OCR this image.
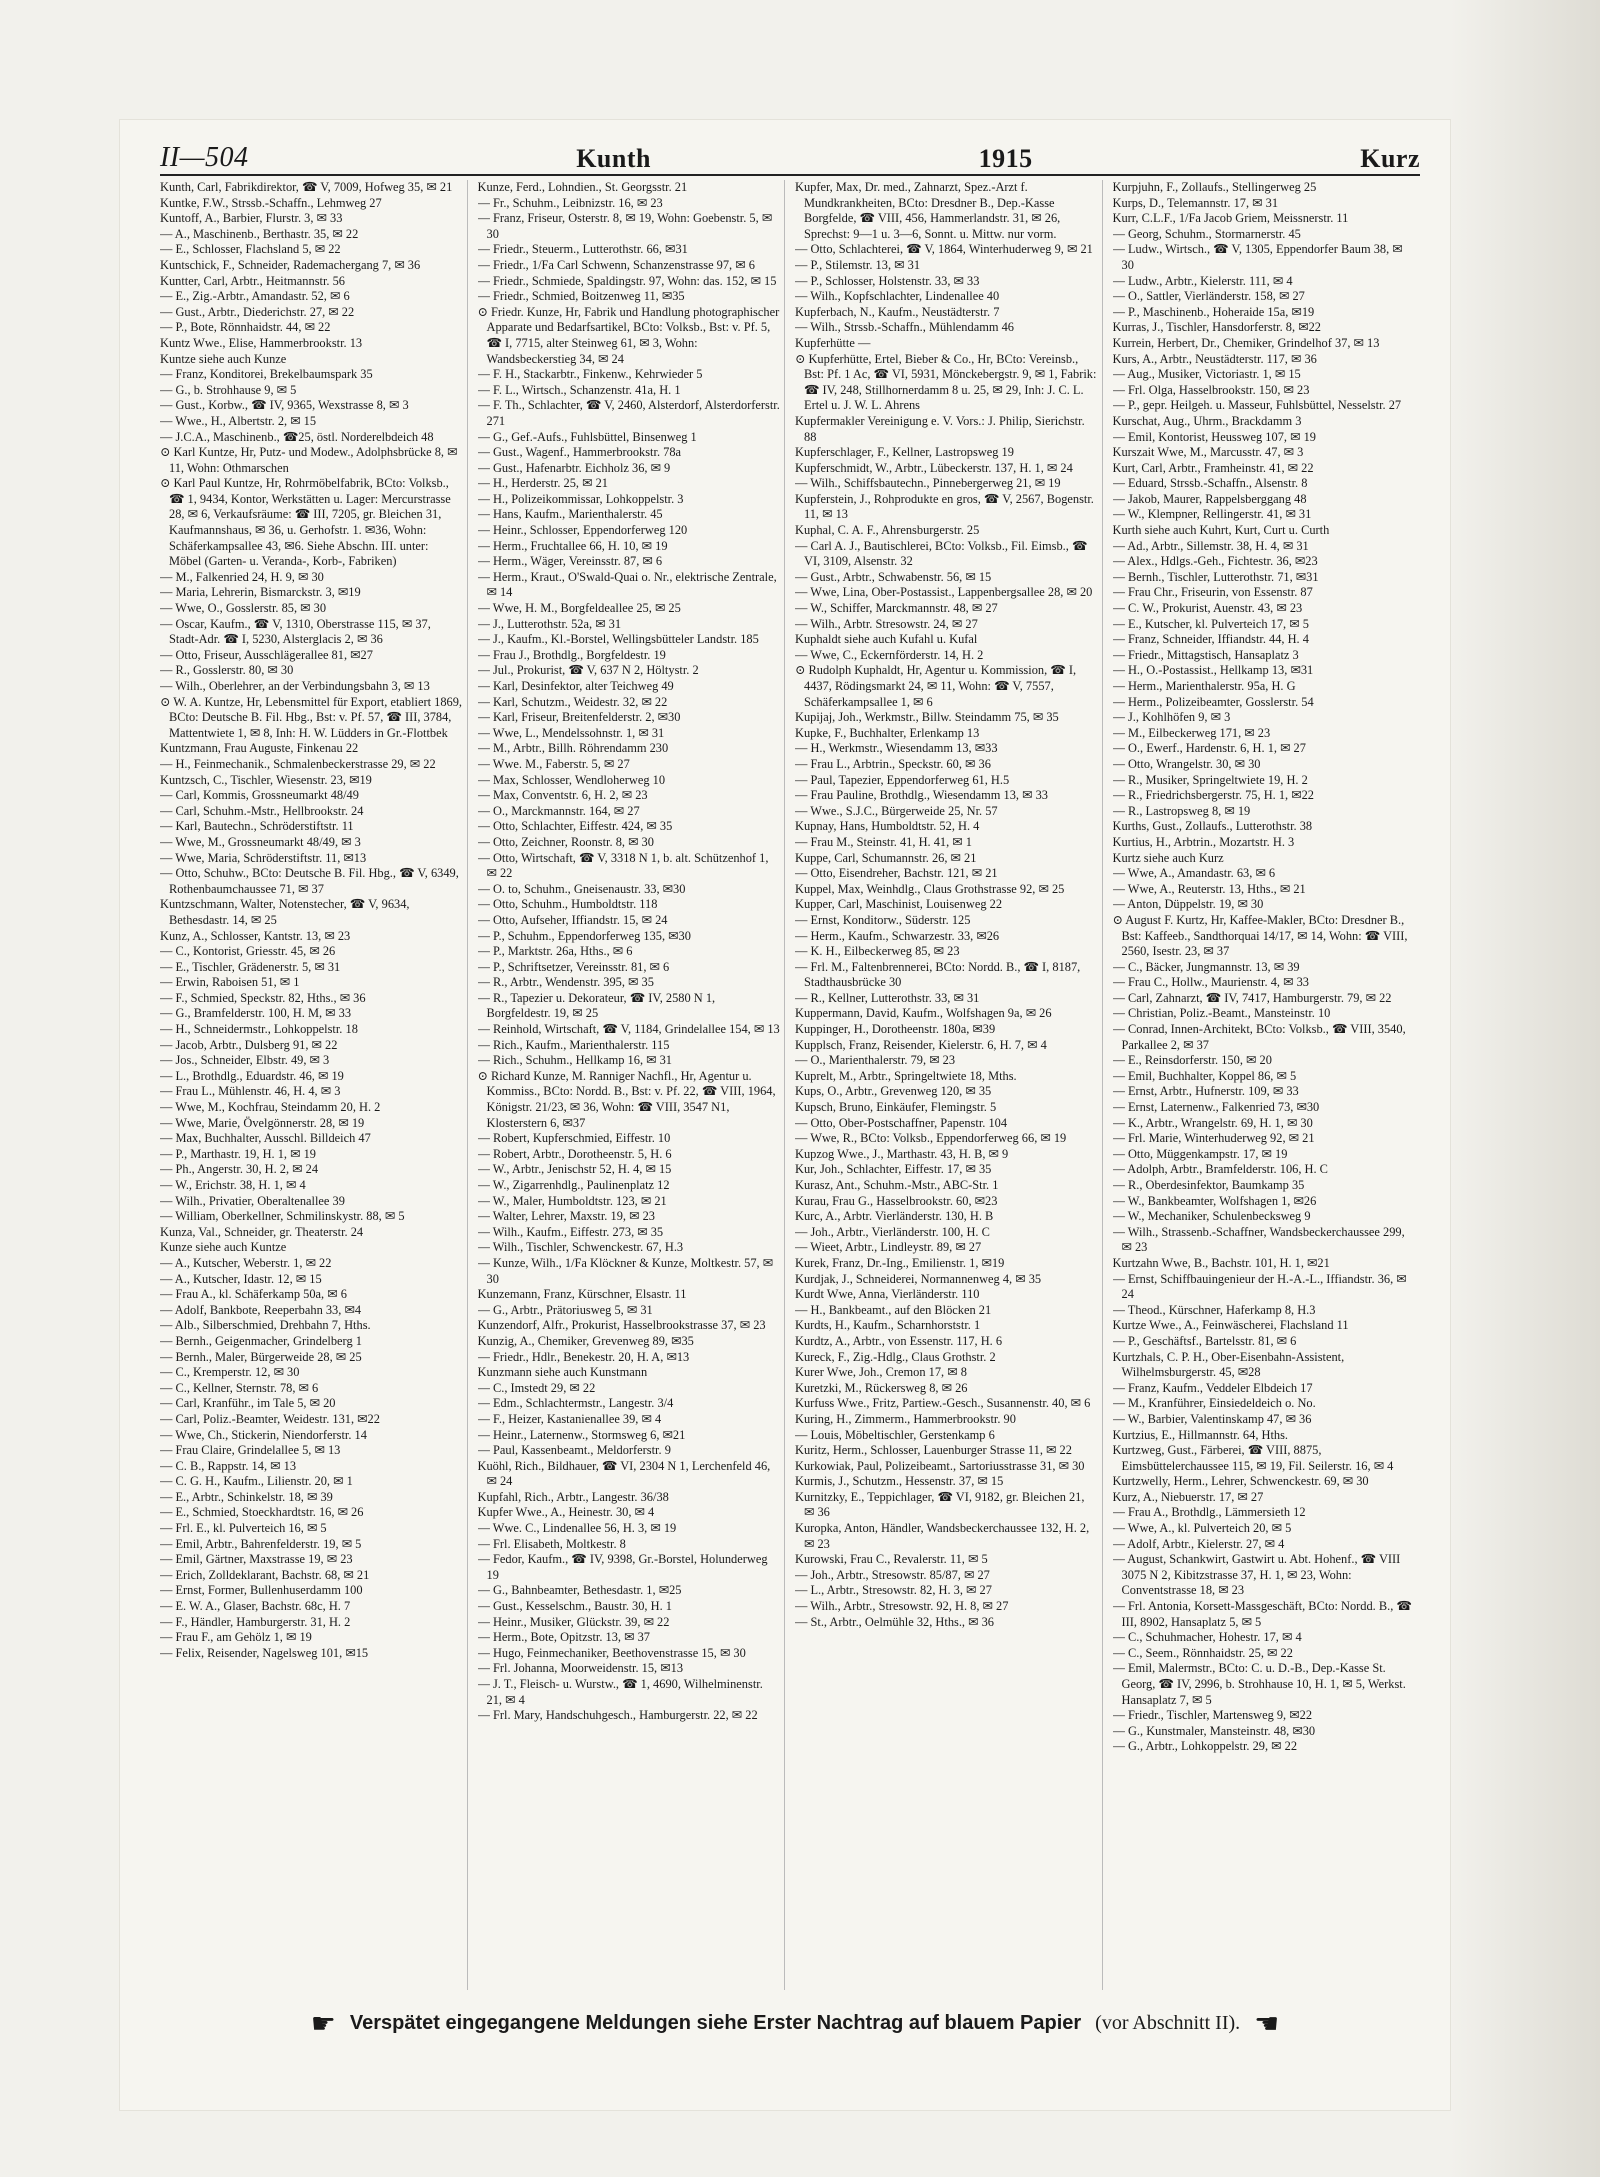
II—504	Kunth	1915	Kurz

Kunth, Carl, Fabrikdirektor, ☎ V, 7009, Hofweg 35, ✉ 21

Kuntke, F.W., Strssb.-Schaffn., Lehmweg 27

Kuntoff, A., Barbier, Flurstr. 3, ✉ 33

— A., Maschinenb., Berthastr. 35, ✉ 22

— E., Schlosser, Flachsland 5, ✉ 22

Kuntschick, F., Schneider, Rademachergang 7, ✉ 36

Kuntter, Carl, Arbtr., Heitmannstr. 56

— E., Zig.-Arbtr., Amandastr. 52, ✉ 6

— Gust., Arbtr., Diederichstr. 27, ✉ 22

— P., Bote, Rönnhaidstr. 44, ✉ 22

Kuntz Wwe., Elise, Hammerbrookstr. 13

Kuntze siehe auch Kunze

— Franz, Konditorei, Brekelbaumspark 35

— G., b. Strohhause 9, ✉ 5

— Gust., Korbw., ☎ IV, 9365, Wexstrasse 8, ✉ 3

— Wwe., H., Albertstr. 2, ✉ 15

— J.C.A., Maschinenb., ☎25, östl. Norderelbdeich 48

⊙ Karl Kuntze, Hr, Putz- und Modew., Adolphsbrücke 8, ✉ 11, Wohn: Othmarschen

⊙ Karl Paul Kuntze, Hr, Rohrmöbelfabrik, BCto: Volksb., ☎ 1, 9434, Kontor, Werkstätten u. Lager: Mercurstrasse 28, ✉ 6, Verkaufsräume: ☎ III, 7205, gr. Bleichen 31, Kaufmannshaus, ✉ 36, u. Gerhofstr. 1. ✉36, Wohn: Schäferkampsallee 43, ✉6. Siehe Abschn. III. unter: Möbel (Garten- u. Veranda-, Korb-, Fabriken)

— M., Falkenried 24, H. 9, ✉ 30

— Maria, Lehrerin, Bismarckstr. 3, ✉19

— Wwe, O., Gosslerstr. 85, ✉ 30

— Oscar, Kaufm., ☎ V, 1310, Oberstrasse 115, ✉ 37, Stadt-Adr. ☎ I, 5230, Alsterglacis 2, ✉ 36

— Otto, Friseur, Ausschlägerallee 81, ✉27

— R., Gosslerstr. 80, ✉ 30

— Wilh., Oberlehrer, an der Verbindungsbahn 3, ✉ 13

⊙ W. A. Kuntze, Hr, Lebensmittel für Export, etabliert 1869, BCto: Deutsche B. Fil. Hbg., Bst: v. Pf. 57, ☎ III, 3784, Mattentwiete 1, ✉ 8, Inh: H. W. Lüdders in Gr.-Flottbek

Kuntzmann, Frau Auguste, Finkenau 22

— H., Feinmechanik., Schmalenbeckerstrasse 29, ✉ 22

Kuntzsch, C., Tischler, Wiesenstr. 23, ✉19

— Carl, Kommis, Grossneumarkt 48/49

— Carl, Schuhm.-Mstr., Hellbrookstr. 24

— Karl, Bautechn., Schröderstiftstr. 11

— Wwe, M., Grossneumarkt 48/49, ✉ 3

— Wwe, Maria, Schröderstiftstr. 11, ✉13

— Otto, Schuhw., BCto: Deutsche B. Fil. Hbg., ☎ V, 6349, Rothenbaumchaussee 71, ✉ 37

Kuntzschmann, Walter, Notenstecher, ☎ V, 9634, Bethesdastr. 14, ✉ 25

Kunz, A., Schlosser, Kantstr. 13, ✉ 23

— C., Kontorist, Griesstr. 45, ✉ 26

— E., Tischler, Grädenerstr. 5, ✉ 31

— Erwin, Raboisen 51, ✉ 1

— F., Schmied, Speckstr. 82, Hths., ✉ 36

— G., Bramfelderstr. 100, H. M, ✉ 33

— H., Schneidermstr., Lohkoppelstr. 18

— Jacob, Arbtr., Dulsberg 91, ✉ 22

— Jos., Schneider, Elbstr. 49, ✉ 3

— L., Brothdlg., Eduardstr. 46, ✉ 19

— Frau L., Mühlenstr. 46, H. 4, ✉ 3

— Wwe, M., Kochfrau, Steindamm 20, H. 2

— Wwe, Marie, Övelgönnerstr. 28, ✉ 19

— Max, Buchhalter, Ausschl. Billdeich 47

— P., Marthastr. 19, H. 1, ✉ 19

— Ph., Angerstr. 30, H. 2, ✉ 24

— W., Erichstr. 38, H. 1, ✉ 4

— Wilh., Privatier, Oberaltenallee 39

— William, Oberkellner, Schmilinskystr. 88, ✉ 5

Kunza, Val., Schneider, gr. Theaterstr. 24

Kunze siehe auch Kuntze

— A., Kutscher, Weberstr. 1, ✉ 22

— A., Kutscher, Idastr. 12, ✉ 15

— Frau A., kl. Schäferkamp 50a, ✉ 6

— Adolf, Bankbote, Reeperbahn 33, ✉4

— Alb., Silberschmied, Drehbahn 7, Hths.

— Bernh., Geigenmacher, Grindelberg 1

— Bernh., Maler, Bürgerweide 28, ✉ 25

— C., Kremperstr. 12, ✉ 30

— C., Kellner, Sternstr. 78, ✉ 6

— Carl, Kranführ., im Tale 5, ✉ 20

— Carl, Poliz.-Beamter, Weidestr. 131, ✉22

— Wwe, Ch., Stickerin, Niendorferstr. 14

— Frau Claire, Grindelallee 5, ✉ 13

— C. B., Rappstr. 14, ✉ 13

— C. G. H., Kaufm., Lilienstr. 20, ✉ 1

— E., Arbtr., Schinkelstr. 18, ✉ 39

— E., Schmied, Stoeckhardtstr. 16, ✉ 26

— Frl. E., kl. Pulverteich 16, ✉ 5

— Emil, Arbtr., Bahrenfelderstr. 19, ✉ 5

— Emil, Gärtner, Maxstrasse 19, ✉ 23

— Erich, Zolldeklarant, Bachstr. 68, ✉ 21

— Ernst, Former, Bullenhuserdamm 100

— E. W. A., Glaser, Bachstr. 68c, H. 7

— F., Händler, Hamburgerstr. 31, H. 2

— Frau F., am Gehölz 1, ✉ 19

— Felix, Reisender, Nagelsweg 101, ✉15

Kunze, Ferd., Lohndien., St. Georgsstr. 21

— Fr., Schuhm., Leibnizstr. 16, ✉ 23

— Franz, Friseur, Osterstr. 8, ✉ 19, Wohn: Goebenstr. 5, ✉ 30

— Friedr., Steuerm., Lutterothstr. 66, ✉31

— Friedr., 1/Fa Carl Schwenn, Schanzenstrasse 97, ✉ 6

— Friedr., Schmiede, Spaldingstr. 97, Wohn: das. 152, ✉ 15

— Friedr., Schmied, Boitzenweg 11, ✉35

⊙ Friedr. Kunze, Hr, Fabrik und Handlung photographischer Apparate und Bedarfsartikel, BCto: Volksb., Bst: v. Pf. 5, ☎ I, 7715, alter Steinweg 61, ✉ 3, Wohn: Wandsbeckerstieg 34, ✉ 24

— F. H., Stackarbtr., Finkenw., Kehrwieder 5

— F. L., Wirtsch., Schanzenstr. 41a, H. 1

— F. Th., Schlachter, ☎ V, 2460, Alsterdorf, Alsterdorferstr. 271

— G., Gef.-Aufs., Fuhlsbüttel, Binsenweg 1

— Gust., Wagenf., Hammerbrookstr. 78a

— Gust., Hafenarbtr. Eichholz 36, ✉ 9

— H., Herderstr. 25, ✉ 21

— H., Polizeikommissar, Lohkoppelstr. 3

— Hans, Kaufm., Marienthalerstr. 45

— Heinr., Schlosser, Eppendorferweg 120

— Herm., Fruchtallee 66, H. 10, ✉ 19

— Herm., Wäger, Vereinsstr. 87, ✉ 6

— Herm., Kraut., O'Swald-Quai o. Nr., elektrische Zentrale, ✉ 14

— Wwe, H. M., Borgfeldeallee 25, ✉ 25

— J., Lutterothstr. 52a, ✉ 31

— J., Kaufm., Kl.-Borstel, Wellingsbütteler Landstr. 185

— Frau J., Brothdlg., Borgfeldestr. 19

— Jul., Prokurist, ☎ V, 637 N 2, Höltystr. 2

— Karl, Desinfektor, alter Teichweg 49

— Karl, Schutzm., Weidestr. 32, ✉ 22

— Karl, Friseur, Breitenfelderstr. 2, ✉30

— Wwe, L., Mendelssohnstr. 1, ✉ 31

— M., Arbtr., Billh. Röhrendamm 230

— Wwe. M., Faberstr. 5, ✉ 27

— Max, Schlosser, Wendloherweg 10

— Max, Conventstr. 6, H. 2, ✉ 23

— O., Marckmannstr. 164, ✉ 27

— Otto, Schlachter, Eiffestr. 424, ✉ 35

— Otto, Zeichner, Roonstr. 8, ✉ 30

— Otto, Wirtschaft, ☎ V, 3318 N 1, b. alt. Schützenhof 1, ✉ 22

— O. to, Schuhm., Gneisenaustr. 33, ✉30

— Otto, Schuhm., Humboldtstr. 118

— Otto, Aufseher, Iffiandstr. 15, ✉ 24

— P., Schuhm., Eppendorferweg 135, ✉30

— P., Marktstr. 26a, Hths., ✉ 6

— P., Schriftsetzer, Vereinsstr. 81, ✉ 6

— R., Arbtr., Wendenstr. 395, ✉ 35

— R., Tapezier u. Dekorateur, ☎ IV, 2580 N 1, Borgfeldestr. 19, ✉ 25

— Reinhold, Wirtschaft, ☎ V, 1184, Grindelallee 154, ✉ 13

— Rich., Kaufm., Marienthalerstr. 115

— Rich., Schuhm., Hellkamp 16, ✉ 31

⊙ Richard Kunze, M. Ranniger Nachfl., Hr, Agentur u. Kommiss., BCto: Nordd. B., Bst: v. Pf. 22, ☎ VIII, 1964, Königstr. 21/23, ✉ 36, Wohn: ☎ VIII, 3547 N1, Klosterstern 6, ✉37

— Robert, Kupferschmied, Eiffestr. 10

— Robert, Arbtr., Dorotheenstr. 5, H. 6

— W., Arbtr., Jenischstr 52, H. 4, ✉ 15

— W., Zigarrenhdlg., Paulinenplatz 12

— W., Maler, Humboldtstr. 123, ✉ 21

— Walter, Lehrer, Maxstr. 19, ✉ 23

— Wilh., Kaufm., Eiffestr. 273, ✉ 35

— Wilh., Tischler, Schwenckestr. 67, H.3

— Kunze, Wilh., 1/Fa Klöckner & Kunze, Moltkestr. 57, ✉ 30

Kunzemann, Franz, Kürschner, Elsastr. 11

— G., Arbtr., Prätoriusweg 5, ✉ 31

Kunzendorf, Alfr., Prokurist, Hasselbrookstrasse 37, ✉ 23

Kunzig, A., Chemiker, Grevenweg 89, ✉35

— Friedr., Hdlr., Benekestr. 20, H. A, ✉13

Kunzmann siehe auch Kunstmann

— C., Imstedt 29, ✉ 22

— Edm., Schlachtermstr., Langestr. 3/4

— F., Heizer, Kastanienallee 39, ✉ 4

— Heinr., Laternenw., Stormsweg 6, ✉21

— Paul, Kassenbeamt., Meldorferstr. 9

Kuöhl, Rich., Bildhauer, ☎ VI, 2304 N 1, Lerchenfeld 46, ✉ 24

Kupfahl, Rich., Arbtr., Langestr. 36/38

Kupfer Wwe., A., Heinestr. 30, ✉ 4

— Wwe. C., Lindenallee 56, H. 3, ✉ 19

— Frl. Elisabeth, Moltkestr. 8

— Fedor, Kaufm., ☎ IV, 9398, Gr.-Borstel, Holunderweg 19

— G., Bahnbeamter, Bethesdastr. 1, ✉25

— Gust., Kesselschm., Baustr. 30, H. 1

— Heinr., Musiker, Glückstr. 39, ✉ 22

— Herm., Bote, Opitzstr. 13, ✉ 37

— Hugo, Feinmechaniker, Beethovenstrasse 15, ✉ 30

— Frl. Johanna, Moorweidenstr. 15, ✉13

— J. T., Fleisch- u. Wurstw., ☎ 1, 4690, Wilhelminenstr. 21, ✉ 4

— Frl. Mary, Handschuhgesch., Hamburgerstr. 22, ✉ 22

Kupfer, Max, Dr. med., Zahnarzt, Spez.-Arzt f. Mundkrankheiten, BCto: Dresdner B., Dep.-Kasse Borgfelde, ☎ VIII, 456, Hammerlandstr. 31, ✉ 26, Sprechst: 9—1 u. 3—6, Sonnt. u. Mittw. nur vorm.

— Otto, Schlachterei, ☎ V, 1864, Winterhuderweg 9, ✉ 21

— P., Stilemstr. 13, ✉ 31

— P., Schlosser, Holstenstr. 33, ✉ 33

— Wilh., Kopfschlachter, Lindenallee 40

Kupferbach, N., Kaufm., Neustädterstr. 7

— Wilh., Strssb.-Schaffn., Mühlendamm 46

Kupferhütte —

⊙ Kupferhütte, Ertel, Bieber & Co., Hr, BCto: Vereinsb., Bst: Pf. 1 Ac, ☎ VI, 5931, Mönckebergstr. 9, ✉ 1, Fabrik: ☎ IV, 248, Stillhornerdamm 8 u. 25, ✉ 29, Inh: J. C. L. Ertel u. J. W. L. Ahrens

Kupfermakler Vereinigung e. V. Vors.: J. Philip, Sierichstr. 88

Kupferschlager, F., Kellner, Lastropsweg 19

Kupferschmidt, W., Arbtr., Lübeckerstr. 137, H. 1, ✉ 24

— Wilh., Schiffsbautechn., Pinnebergerweg 21, ✉ 19

Kupferstein, J., Rohprodukte en gros, ☎ V, 2567, Bogenstr. 11, ✉ 13

Kuphal, C. A. F., Ahrensburgerstr. 25

— Carl A. J., Bautischlerei, BCto: Volksb., Fil. Eimsb., ☎ VI, 3109, Alsenstr. 32

— Gust., Arbtr., Schwabenstr. 56, ✉ 15

— Wwe, Lina, Ober-Postassist., Lappenbergsallee 28, ✉ 20

— W., Schiffer, Marckmannstr. 48, ✉ 27

— Wilh., Arbtr. Stresowstr. 24, ✉ 27

Kuphaldt siehe auch Kufahl u. Kufal

— Wwe, C., Eckernförderstr. 14, H. 2

⊙ Rudolph Kuphaldt, Hr, Agentur u. Kommission, ☎ I, 4437, Rödingsmarkt 24, ✉ 11, Wohn: ☎ V, 7557, Schäferkampsallee 1, ✉ 6

Kupijaj, Joh., Werkmstr., Billw. Steindamm 75, ✉ 35

Kupke, F., Buchhalter, Erlenkamp 13

— H., Werkmstr., Wiesendamm 13, ✉33

— Frau L., Arbtrin., Speckstr. 60, ✉ 36

— Paul, Tapezier, Eppendorferweg 61, H.5

— Frau Pauline, Brothdlg., Wiesendamm 13, ✉ 33

— Wwe., S.J.C., Bürgerweide 25, Nr. 57

Kupnay, Hans, Humboldtstr. 52, H. 4

— Frau M., Steinstr. 41, H. 41, ✉ 1

Kuppe, Carl, Schumannstr. 26, ✉ 21

— Otto, Eisendreher, Bachstr. 121, ✉ 21

Kuppel, Max, Weinhdlg., Claus Grothstrasse 92, ✉ 25

Kupper, Carl, Maschinist, Louisenweg 22

— Ernst, Konditorw., Süderstr. 125

— Herm., Kaufm., Schwarzestr. 33, ✉26

— K. H., Eilbeckerweg 85, ✉ 23

— Frl. M., Faltenbrennerei, BCto: Nordd. B., ☎ I, 8187, Stadthausbrücke 30

— R., Kellner, Lutterothstr. 33, ✉ 31

Kuppermann, David, Kaufm., Wolfshagen 9a, ✉ 26

Kuppinger, H., Dorotheenstr. 180a, ✉39

Kupplsch, Franz, Reisender, Kielerstr. 6, H. 7, ✉ 4

— O., Marienthalerstr. 79, ✉ 23

Kuprelt, M., Arbtr., Springeltwiete 18, Mths.

Kups, O., Arbtr., Grevenweg 120, ✉ 35

Kupsch, Bruno, Einkäufer, Flemingstr. 5

— Otto, Ober-Postschaffner, Papenstr. 104

— Wwe, R., BCto: Volksb., Eppendorferweg 66, ✉ 19

Kupzog Wwe., J., Marthastr. 43, H. B, ✉ 9

Kur, Joh., Schlachter, Eiffestr. 17, ✉ 35

Kurasz, Ant., Schuhm.-Mstr., ABC-Str. 1

Kurau, Frau G., Hasselbrookstr. 60, ✉23

Kurc, A., Arbtr. Vierländerstr. 130, H. B

— Joh., Arbtr., Vierländerstr. 100, H. C

— Wieet, Arbtr., Lindleystr. 89, ✉ 27

Kurek, Franz, Dr.-Ing., Emilienstr. 1, ✉19

Kurdjak, J., Schneiderei, Normannenweg 4, ✉ 35

Kurdt Wwe, Anna, Vierländerstr. 110

— H., Bankbeamt., auf den Blöcken 21

Kurdts, H., Kaufm., Scharnhorststr. 1

Kurdtz, A., Arbtr., von Essenstr. 117, H. 6

Kureck, F., Zig.-Hdlg., Claus Grothstr. 2

Kurer Wwe, Joh., Cremon 17, ✉ 8

Kuretzki, M., Rückersweg 8, ✉ 26

Kurfuss Wwe., Fritz, Partiew.-Gesch., Susannenstr. 40, ✉ 6

Kuring, H., Zimmerm., Hammerbrookstr. 90

— Louis, Möbeltischler, Gerstenkamp 6

Kuritz, Herm., Schlosser, Lauenburger Strasse 11, ✉ 22

Kurkowiak, Paul, Polizeibeamt., Sartoriusstrasse 31, ✉ 30

Kurmis, J., Schutzm., Hessenstr. 37, ✉ 15

Kurnitzky, E., Teppichlager, ☎ VI, 9182, gr. Bleichen 21, ✉ 36

Kuropka, Anton, Händler, Wandsbeckerchaussee 132, H. 2, ✉ 23

Kurowski, Frau C., Revalerstr. 11, ✉ 5

— Joh., Arbtr., Stresowstr. 85/87, ✉ 27

— L., Arbtr., Stresowstr. 82, H. 3, ✉ 27

— Wilh., Arbtr., Stresowstr. 92, H. 8, ✉ 27

— St., Arbtr., Oelmühle 32, Hths., ✉ 36

Kurpjuhn, F., Zollaufs., Stellingerweg 25

Kurps, D., Telemannstr. 17, ✉ 31

Kurr, C.L.F., 1/Fa Jacob Griem, Meissnerstr. 11

— Georg, Schuhm., Stormarnerstr. 45

— Ludw., Wirtsch., ☎ V, 1305, Eppendorfer Baum 38, ✉ 30

— Ludw., Arbtr., Kielerstr. 111, ✉ 4

— O., Sattler, Vierländerstr. 158, ✉ 27

— P., Maschinenb., Hoheraide 15a, ✉19

Kurras, J., Tischler, Hansdorferstr. 8, ✉22

Kurrein, Herbert, Dr., Chemiker, Grindelhof 37, ✉ 13

Kurs, A., Arbtr., Neustädterstr. 117, ✉ 36

— Aug., Musiker, Victoriastr. 1, ✉ 15

— Frl. Olga, Hasselbrookstr. 150, ✉ 23

— P., gepr. Heilgeh. u. Masseur, Fuhlsbüttel, Nesselstr. 27

Kurschat, Aug., Uhrm., Brackdamm 3

— Emil, Kontorist, Heussweg 107, ✉ 19

Kurszait Wwe, M., Marcusstr. 47, ✉ 3

Kurt, Carl, Arbtr., Framheinstr. 41, ✉ 22

— Eduard, Strssb.-Schaffn., Alsenstr. 8

— Jakob, Maurer, Rappelsberggang 48

— W., Klempner, Rellingerstr. 41, ✉ 31

Kurth siehe auch Kuhrt, Kurt, Curt u. Curth

— Ad., Arbtr., Sillemstr. 38, H. 4, ✉ 31

— Alex., Hdlgs.-Geh., Fichtestr. 36, ✉23

— Bernh., Tischler, Lutterothstr. 71, ✉31

— Frau Chr., Friseurin, von Essenstr. 87

— C. W., Prokurist, Auenstr. 43, ✉ 23

— E., Kutscher, kl. Pulverteich 17, ✉ 5

— Franz, Schneider, Iffiandstr. 44, H. 4

— Friedr., Mittagstisch, Hansaplatz 3

— H., O.-Postassist., Hellkamp 13, ✉31

— Herm., Marienthalerstr. 95a, H. G

— Herm., Polizeibeamter, Gosslerstr. 54

— J., Kohlhöfen 9, ✉ 3

— M., Eilbeckerweg 171, ✉ 23

— O., Ewerf., Hardenstr. 6, H. 1, ✉ 27

— Otto, Wrangelstr. 30, ✉ 30

— R., Musiker, Springeltwiete 19, H. 2

— R., Friedrichsbergerstr. 75, H. 1, ✉22

— R., Lastropsweg 8, ✉ 19

Kurths, Gust., Zollaufs., Lutterothstr. 38

Kurtius, H., Arbtrin., Mozartstr. H. 3

Kurtz siehe auch Kurz

— Wwe, A., Amandastr. 63, ✉ 6

— Wwe, A., Reuterstr. 13, Hths., ✉ 21

— Anton, Düppelstr. 19, ✉ 30

⊙ August F. Kurtz, Hr, Kaffee-Makler, BCto: Dresdner B., Bst: Kaffeeb., Sandthorquai 14/17, ✉ 14, Wohn: ☎ VIII, 2560, Isestr. 23, ✉ 37

— C., Bäcker, Jungmannstr. 13, ✉ 39

— Frau C., Hollw., Maurienstr. 4, ✉ 33

— Carl, Zahnarzt, ☎ IV, 7417, Hamburgerstr. 79, ✉ 22

— Christian, Poliz.-Beamt., Mansteinstr. 10

— Conrad, Innen-Architekt, BCto: Volksb., ☎ VIII, 3540, Parkallee 2, ✉ 37

— E., Reinsdorferstr. 150, ✉ 20

— Emil, Buchhalter, Koppel 86, ✉ 5

— Ernst, Arbtr., Hufnerstr. 109, ✉ 33

— Ernst, Laternenw., Falkenried 73, ✉30

— K., Arbtr., Wrangelstr. 69, H. 1, ✉ 30

— Frl. Marie, Winterhuderweg 92, ✉ 21

— Otto, Müggenkampstr. 17, ✉ 19

— Adolph, Arbtr., Bramfelderstr. 106, H. C

— R., Oberdesinfektor, Baumkamp 35

— W., Bankbeamter, Wolfshagen 1, ✉26

— W., Mechaniker, Schulenbecksweg 9

— Wilh., Strassenb.-Schaffner, Wandsbeckerchaussee 299, ✉ 23

Kurtzahn Wwe, B., Bachstr. 101, H. 1, ✉21

— Ernst, Schiffbauingenieur der H.-A.-L., Iffiandstr. 36, ✉ 24

— Theod., Kürschner, Haferkamp 8, H.3

Kurtze Wwe., A., Feinwäscherei, Flachsland 11

— P., Geschäftsf., Bartelsstr. 81, ✉ 6

Kurtzhals, C. P. H., Ober-Eisenbahn-Assistent, Wilhelmsburgerstr. 45, ✉28

— Franz, Kaufm., Veddeler Elbdeich 17

— M., Kranführer, Einsiedeldeich o. No.

— W., Barbier, Valentinskamp 47, ✉ 36

Kurtzius, E., Hillmannstr. 64, Hths.

Kurtzweg, Gust., Färberei, ☎ VIII, 8875, Eimsbüttelerchaussee 115, ✉ 19, Fil. Seilerstr. 16, ✉ 4

Kurtzwelly, Herm., Lehrer, Schwenckestr. 69, ✉ 30

Kurz, A., Niebuerstr. 17, ✉ 27

— Frau A., Brothdlg., Lämmersieth 12

— Wwe, A., kl. Pulverteich 20, ✉ 5

— Adolf, Arbtr., Kielerstr. 27, ✉ 4

— August, Schankwirt, Gastwirt u. Abt. Hohenf., ☎ VIII 3075 N 2, Kibitzstrasse 37, H. 1, ✉ 23, Wohn: Conventstrasse 18, ✉ 23

— Frl. Antonia, Korsett-Massgeschäft, BCto: Nordd. B., ☎ III, 8902, Hansaplatz 5, ✉ 5

— C., Schuhmacher, Hohestr. 17, ✉ 4

— C., Seem., Rönnhaidstr. 25, ✉ 22

— Emil, Malermstr., BCto: C. u. D.-B., Dep.-Kasse St. Georg, ☎ IV, 2996, b. Strohhause 10, H. 1, ✉ 5, Werkst. Hansaplatz 7, ✉ 5

— Friedr., Tischler, Martensweg 9, ✉22

— G., Kunstmaler, Mansteinstr. 48, ✉30

— G., Arbtr., Lohkoppelstr. 29, ✉ 22

☛ Verspätet eingegangene Meldungen siehe Erster Nachtrag auf blauem Papier (vor Abschnitt II). ☚
